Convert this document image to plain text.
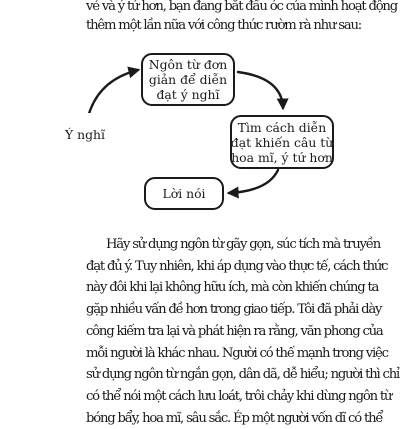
vẻ và ý tứ hơn, bạn đang bắt đầu óc của mình hoạt động
thêm một lần nữa với công thức rườm rà như sau:

Ngôn từ đơn
giản để diễn
đạt ý nghĩ
Ý nghĩ	Tìm cách diễn
đạt khiến câu từ
hoa mĩ, ý tứ hơn
Lời nói

Hãy sử dụng ngôn từ gãy gọn, súc tích mà truyền
đạt đủ ý. Tuy nhiên, khi áp dụng vào thực tế, cách thức
này đôi khi lại không hữu ích, mà còn khiến chúng ta
gặp nhiều vấn đề hơn trong giao tiếp. Tôi đã phải dày
công kiếm tra lại và phát hiện ra rằng, văn phong của
mỗi người là khác nhau. Người có thế mạnh trong việc
sử dụng ngôn từ ngắn gọn, dân dã, dễ hiểu; người thì chỉ
có thể nói một cách lưu loát, trôi chảy khi dùng ngôn từ
bóng bẩy, hoa mĩ, sâu sắc. Ép một người vốn dĩ có thể
